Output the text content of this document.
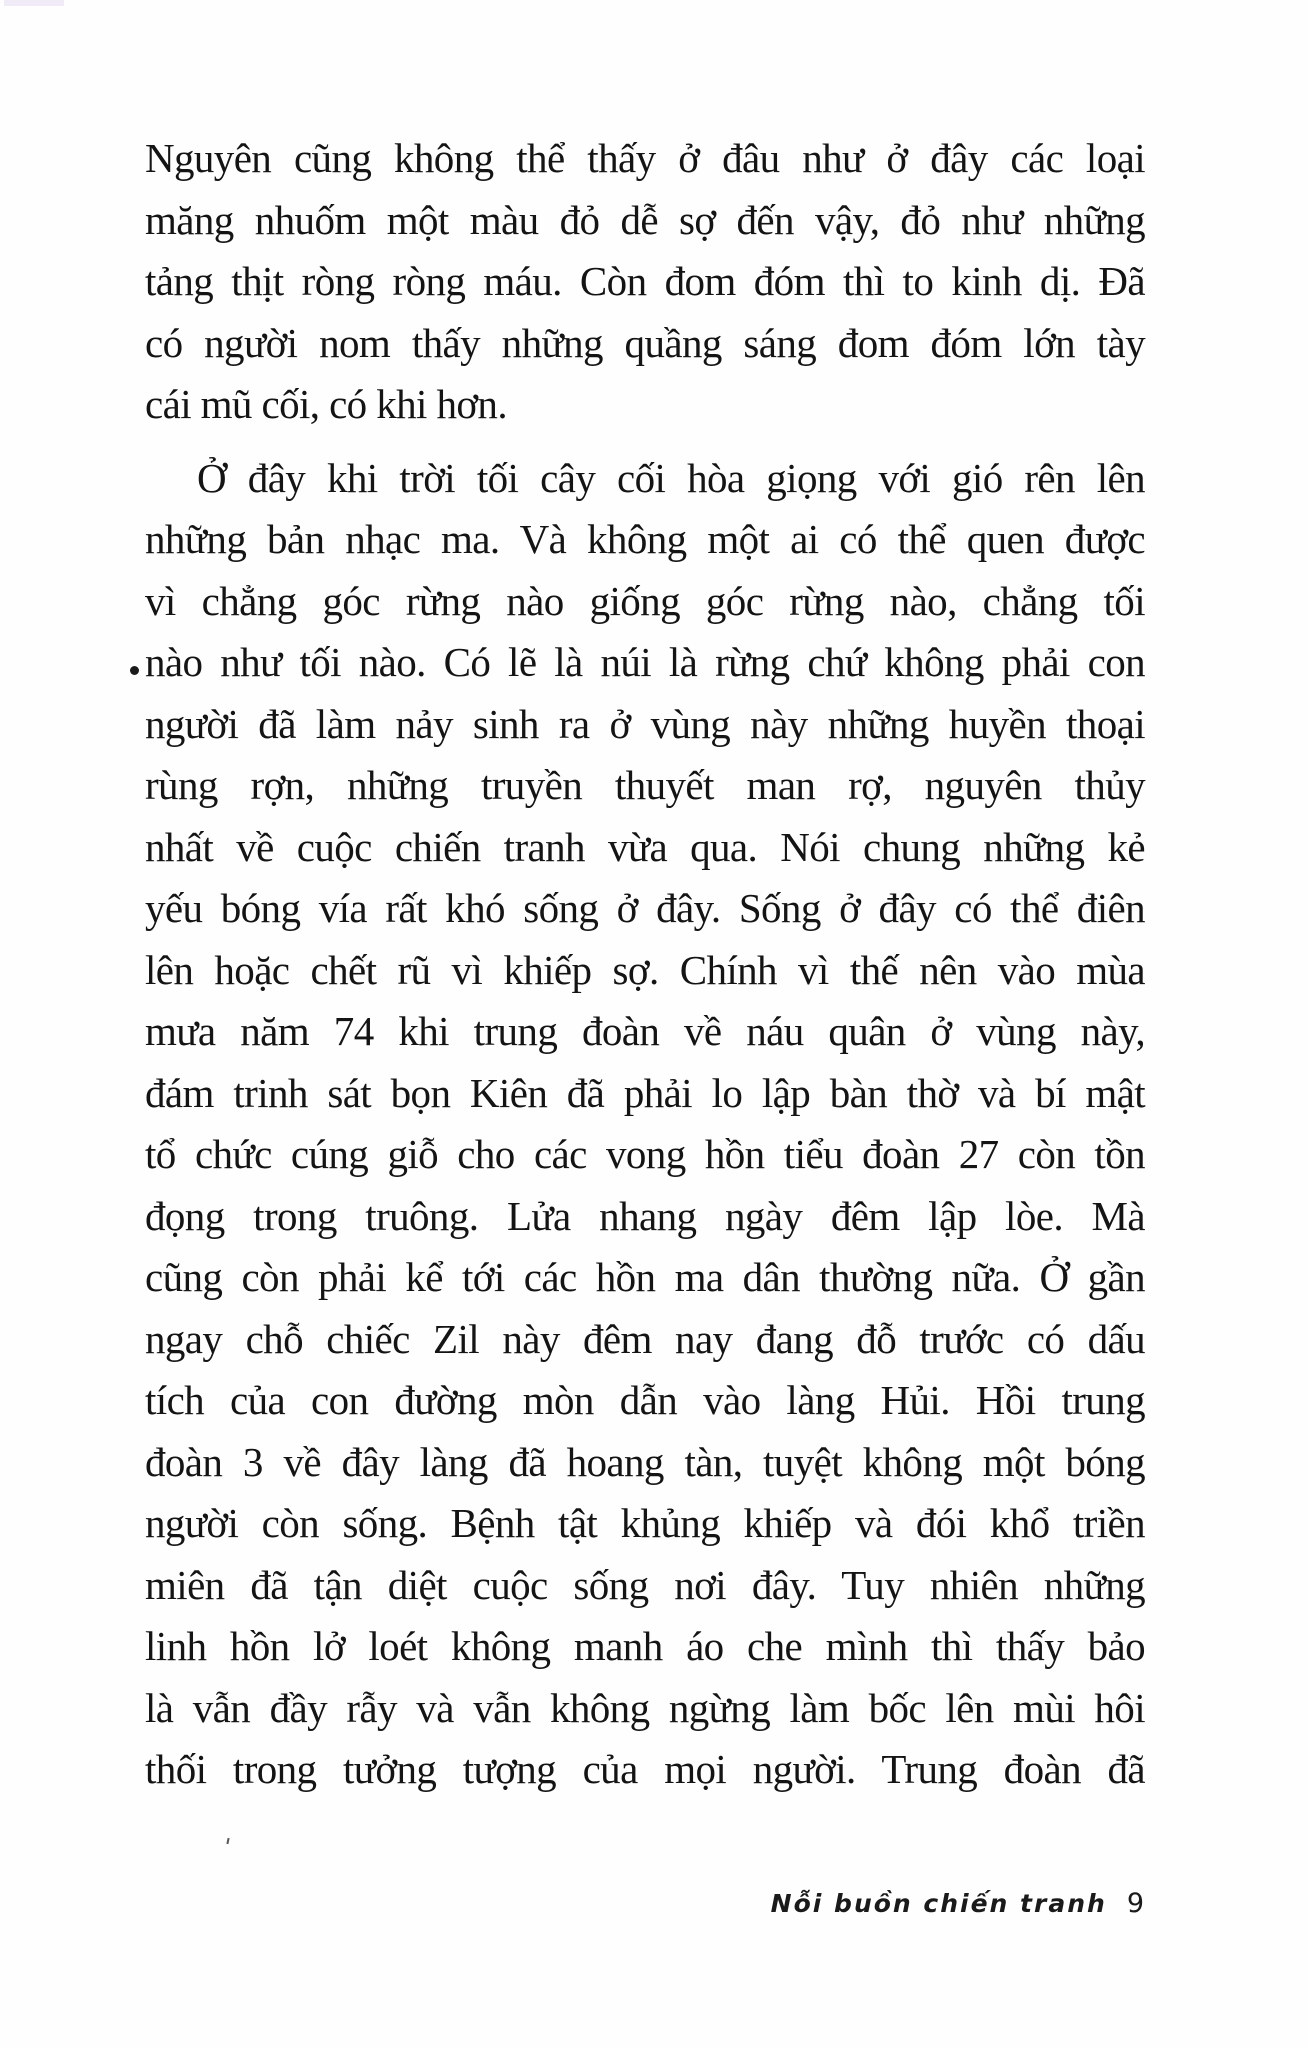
Nguyên cũng không thể thấy ở đâu như ở đây các loại
măng nhuốm một màu đỏ dễ sợ đến vậy, đỏ như những
tảng thịt ròng ròng máu. Còn đom đóm thì to kinh dị. Đã
có người nom thấy những quầng sáng đom đóm lớn tày
cái mũ cối, có khi hơn.
Ở đây khi trời tối cây cối hòa giọng với gió rên lên
những bản nhạc ma. Và không một ai có thể quen được
vì chẳng góc rừng nào giống góc rừng nào, chẳng tối
nào như tối nào. Có lẽ là núi là rừng chứ không phải con
người đã làm nảy sinh ra ở vùng này những huyền thoại
rùng rợn, những truyền thuyết man rợ, nguyên thủy
nhất về cuộc chiến tranh vừa qua. Nói chung những kẻ
yếu bóng vía rất khó sống ở đây. Sống ở đây có thể điên
lên hoặc chết rũ vì khiếp sợ. Chính vì thế nên vào mùa
mưa năm 74 khi trung đoàn về náu quân ở vùng này,
đám trinh sát bọn Kiên đã phải lo lập bàn thờ và bí mật
tổ chức cúng giỗ cho các vong hồn tiểu đoàn 27 còn tồn
đọng trong truông. Lửa nhang ngày đêm lập lòe. Mà
cũng còn phải kể tới các hồn ma dân thường nữa. Ở gần
ngay chỗ chiếc Zil này đêm nay đang đỗ trước có dấu
tích của con đường mòn dẫn vào làng Hủi. Hồi trung
đoàn 3 về đây làng đã hoang tàn, tuyệt không một bóng
người còn sống. Bệnh tật khủng khiếp và đói khổ triền
miên đã tận diệt cuộc sống nơi đây. Tuy nhiên những
linh hồn lở loét không manh áo che mình thì thấy bảo
là vẫn đầy rẫy và vẫn không ngừng làm bốc lên mùi hôi
thối trong tưởng tượng của mọi người. Trung đoàn đã
Nỗi buồn chiến tranh 9
